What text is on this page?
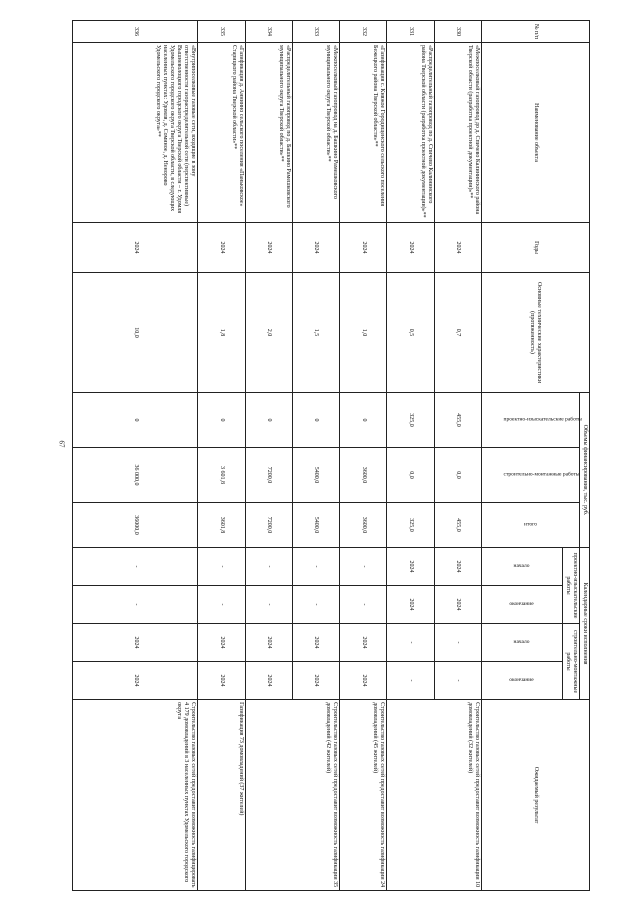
67
№ п/п	Наименование объекта	Годы	Основные технические характеристики (протяженность)	Объемы финансирования, тыс. руб.			Календарные сроки исполнения				Ожидаемый результат

				проектно-изыскательские работы	строительно-монтажные работы	итого	проектно-изыскательские работы		строительно-монтажные работы		

							начало	окончание	начало	окончание	

330	«Межпоселковый газопровод до д. Спичево Калининского района Тверской области (разработка проектной документации)»**	2024	0,7	455,0	0,0	455,0	2024	2024	-	-	Строительство газовых сетей предоставит возможность газификации 10 домовладений (32 жителей)
331	«Распределительный газопровод по д. Спичево Калининского района Тверской области (разработка проектной документации)»**	2024	0,5	325,0	0,0	325,0	2024	2024	-	-	
332	«Газификация с. Княжое Городищенского сельского поселения Бежецкого района Тверской области»**	2024	1,0	0	3600,0	3600,0	-	-	2024	2024	Строительство газовых сетей предоставит возможность газификации 24 домовладений (45 жителей)
333	«Межпоселковый газопровод на д. Башкино Рамешковского муниципального округа Тверской области»**	2024	1,5	0	5400,0	5400,0	-	-	2024	2024	Строительство газовых сетей предоставит возможность газификации 35 домовладений (42 жителей)
334	«Распределительный газопровод по д. Башкино Рамешковского муниципального округа Тверской области»**	2024	2,0	0	7200,0	7200,0	-	-	2024	2024	
335	«Газификация д. Аннинно сельского поселения «Паньковское» Старицкого района Тверской области»**	2024	1,8	0	3 601,8	3601,8	-	-	2024	2024	Газификация 73 домовладений (37 жителей)
336	«Внутрипоселковые газовые сети, входящие в зону ответственности газораспределительной сети (перспективные) Вышневолоцкого городского округа Тверской области – г. Удомля Удомельского городского округа Тверской области, в следующих населенных пунктах: Удомля, д. Соминое, д. Ненорово Удомельского городского округа»**	2024	10,0	0	36 000,0	36000,0	-	-	2024	2024	Строительство газовых сетей предоставит возможность газифицировать 4 179 домовладений в 3 населенных пунктах Удомельского городского округа
